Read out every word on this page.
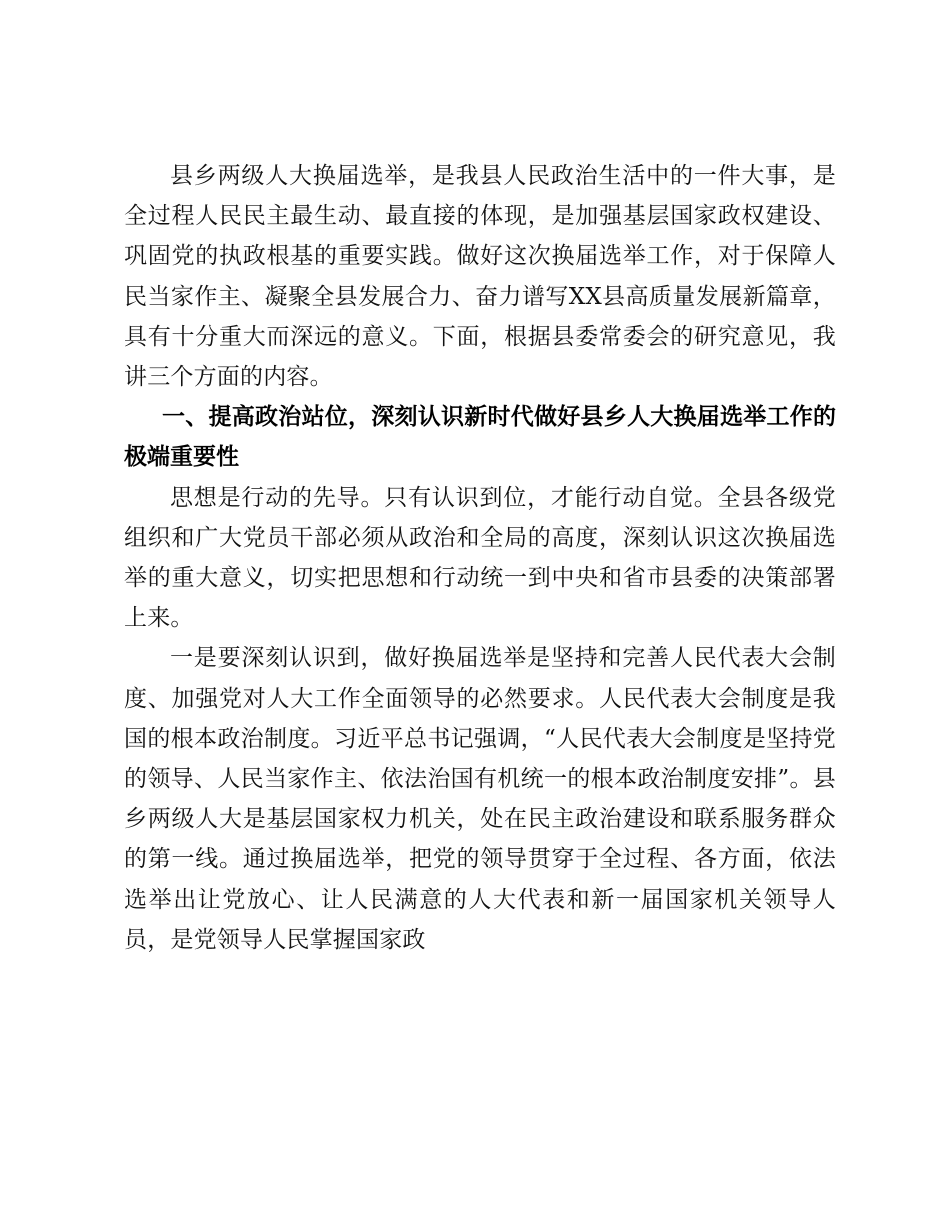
县乡两级人大换届选举，是我县人民政治生活中的一件大事，是全过程人民民主最生动、最直接的体现，是加强基层国家政权建设、巩固党的执政根基的重要实践。做好这次换届选举工作，对于保障人民当家作主、凝聚全县发展合力、奋力谱写XX县高质量发展新篇章，具有十分重大而深远的意义。下面，根据县委常委会的研究意见，我讲三个方面的内容。

一、提高政治站位，深刻认识新时代做好县乡人大换届选举工作的极端重要性

思想是行动的先导。只有认识到位，才能行动自觉。全县各级党组织和广大党员干部必须从政治和全局的高度，深刻认识这次换届选举的重大意义，切实把思想和行动统一到中央和省市县委的决策部署上来。

一是要深刻认识到，做好换届选举是坚持和完善人民代表大会制度、加强党对人大工作全面领导的必然要求。人民代表大会制度是我国的根本政治制度。习近平总书记强调，“人民代表大会制度是坚持党的领导、人民当家作主、依法治国有机统一的根本政治制度安排”。县乡两级人大是基层国家权力机关，处在民主政治建设和联系服务群众的第一线。通过换届选举，把党的领导贯穿于全过程、各方面，依法选举出让党放心、让人民满意的人大代表和新一届国家机关领导人员，是党领导人民掌握国家政
